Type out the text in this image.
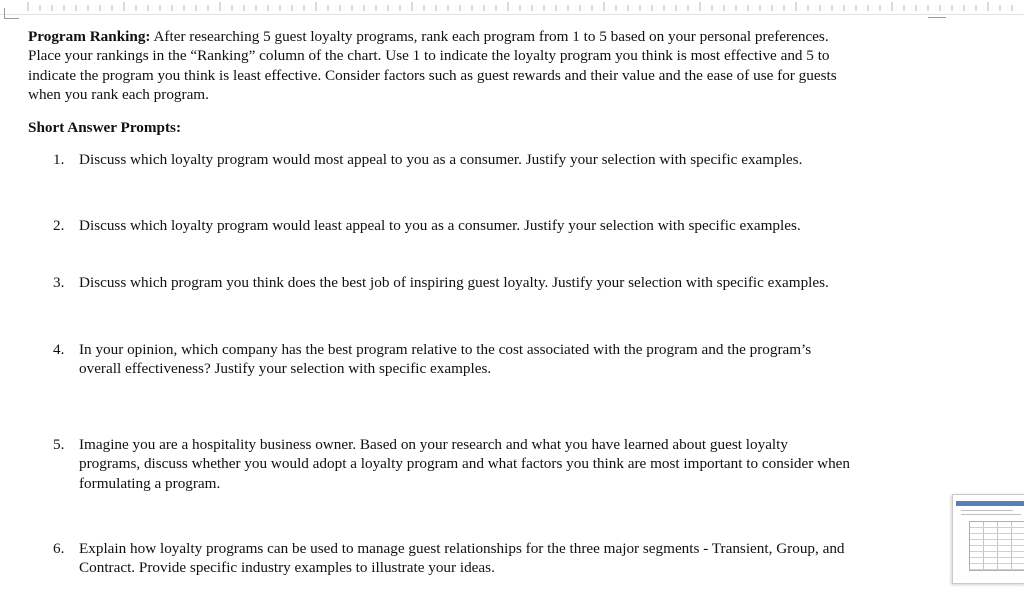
Program Ranking: After researching 5 guest loyalty programs, rank each program from 1 to 5 based on your personal preferences.
Place your rankings in the “Ranking” column of the chart. Use 1 to indicate the loyalty program you think is most effective and 5 to
indicate the program you think is least effective. Consider factors such as guest rewards and their value and the ease of use for guests
when you rank each program.

Short Answer Prompts:

1. Discuss which loyalty program would most appeal to you as a consumer. Justify your selection with specific examples.
2. Discuss which loyalty program would least appeal to you as a consumer. Justify your selection with specific examples.
3. Discuss which program you think does the best job of inspiring guest loyalty. Justify your selection with specific examples.
4. In your opinion, which company has the best program relative to the cost associated with the program and the program’s
overall effectiveness? Justify your selection with specific examples.
5. Imagine you are a hospitality business owner. Based on your research and what you have learned about guest loyalty
programs, discuss whether you would adopt a loyalty program and what factors you think are most important to consider when
formulating a program.
6. Explain how loyalty programs can be used to manage guest relationships for the three major segments - Transient, Group, and
Contract. Provide specific industry examples to illustrate your ideas.
